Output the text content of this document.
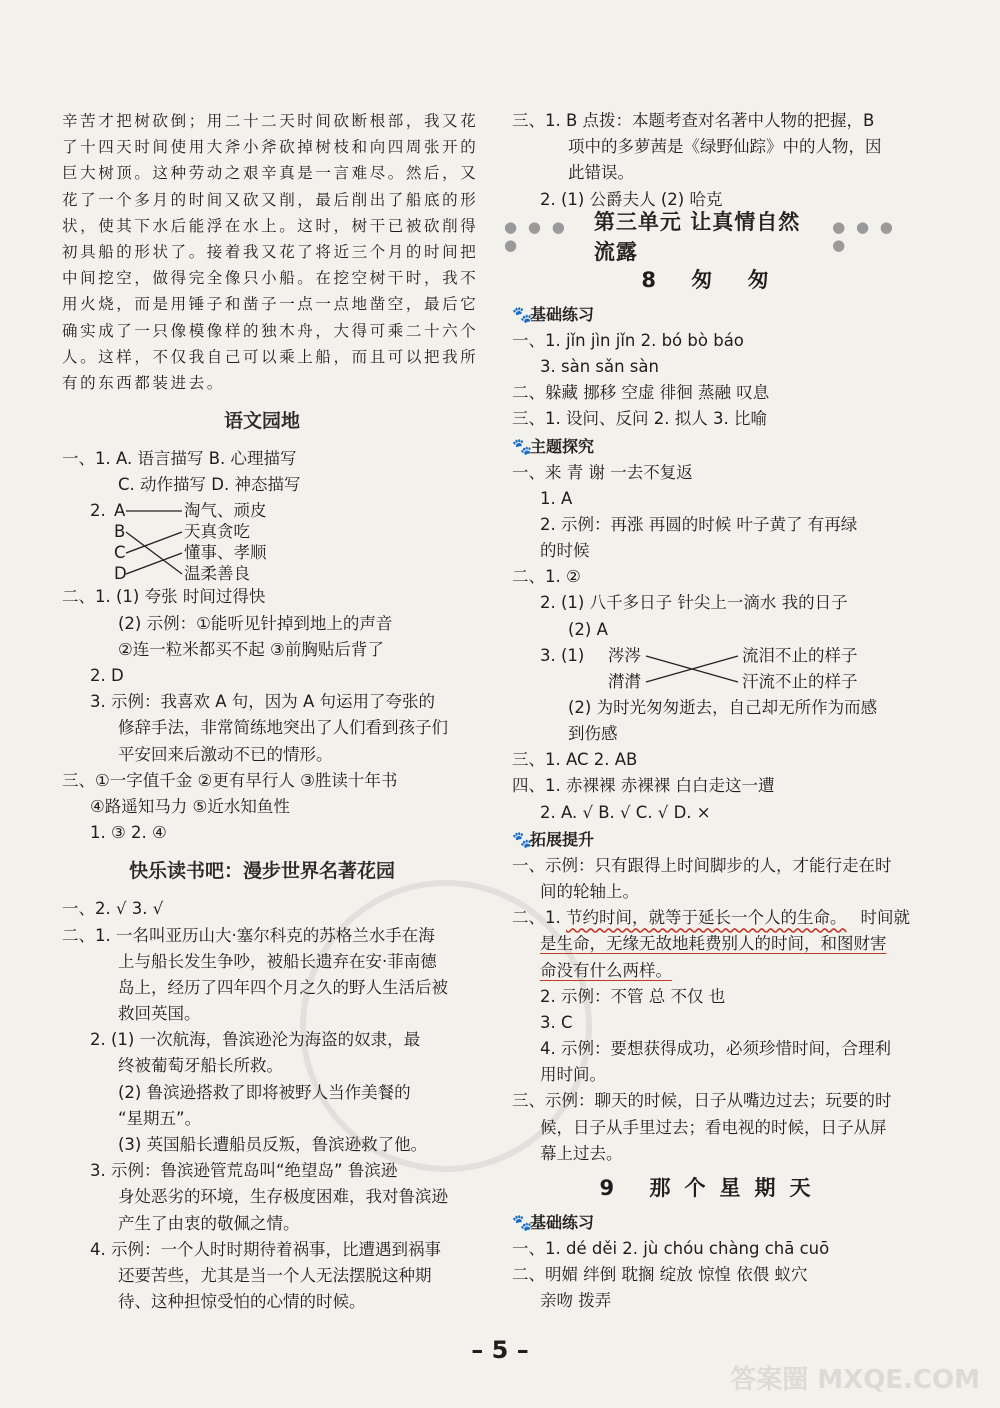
答案圈 MXQE.COM
辛苦才把树砍倒；用二十二天时间砍断根部，我又花
了十四天时间使用大斧小斧砍掉树枝和向四周张开的
巨大树顶。这种劳动之艰辛真是一言难尽。然后，又
花了一个多月的时间又砍又削，最后削出了船底的形
状，使其下水后能浮在水上。这时，树干已被砍削得
初具船的形状了。接着我又花了将近三个月的时间把
中间挖空，做得完全像只小船。在挖空树干时，我不
用火烧，而是用锤子和凿子一点一点地凿空，最后它
确实成了一只像模像样的独木舟，大得可乘二十六个
人。这样，不仅我自己可以乘上船，而且可以把我所
有的东西都装进去。
语文园地
一、1. A. 语言描写 B. 心理描写
C. 动作描写 D. 神态描写
2. A
B
C
D
淘气、顽皮
天真贪吃
懂事、孝顺
温柔善良
二、1. (1) 夸张 时间过得快
(2) 示例：①能听见针掉到地上的声音
②连一粒米都买不起 ③前胸贴后背了
2. D
3. 示例：我喜欢 A 句，因为 A 句运用了夸张的
修辞手法，非常简练地突出了人们看到孩子们
平安回来后激动不已的情形。
三、①一字值千金 ②更有早行人 ③胜读十年书
④路遥知马力 ⑤近水知鱼性
1. ③ 2. ④
快乐读书吧：漫步世界名著花园
一、2. √ 3. √
二、1. 一名叫亚历山大·塞尔科克的苏格兰水手在海
上与船长发生争吵，被船长遗弃在安·菲南德
岛上，经历了四年四个月之久的野人生活后被
救回英国。
2. (1) 一次航海，鲁滨逊沦为海盗的奴隶，最
终被葡萄牙船长所救。
(2) 鲁滨逊搭救了即将被野人当作美餐的
“星期五”。
(3) 英国船长遭船员反叛，鲁滨逊救了他。
3. 示例：鲁滨逊管荒岛叫“绝望岛” 鲁滨逊
身处恶劣的环境，生存极度困难，我对鲁滨逊
产生了由衷的敬佩之情。
4. 示例：一个人时时期待着祸事，比遭遇到祸事
还要苦些，尤其是当一个人无法摆脱这种期
待、这种担惊受怕的心情的时候。
三、1. B 点拨：本题考查对名著中人物的把握，B
项中的多萝茜是《绿野仙踪》中的人物，因
此错误。
2. (1) 公爵夫人 (2) 哈克
● ● ● ●
第三单元 让真情自然流露
● ● ● ●
8 匆 匆
🐾基础练习
一、1. jǐn jìn jǐn 2. bó bò báo
3. sàn sǎn sàn
二、躲藏 挪移 空虚 徘徊 蒸融 叹息
三、1. 设问、反问 2. 拟人 3. 比喻
🐾主题探究
一、来 青 谢 一去不复返
1. A
2. 示例：再涨 再圆的时候 叶子黄了 有再绿
的时候
二、1. ②
2. (1) 八千多日子 针尖上一滴水 我的日子
(2) A
3. (1) 涔涔
潸潸
流泪不止的样子
汗流不止的样子
(2) 为时光匆匆逝去，自己却无所作为而感
到伤感
三、1. AC 2. AB
四、1. 赤裸裸 赤裸裸 白白走这一遭
2. A. √ B. √ C. √ D. ×
🐾拓展提升
一、示例：只有跟得上时间脚步的人，才能行走在时
间的轮轴上。
二、1. 节约时间，就等于延长一个人的生命。 时间就
是生命，无缘无故地耗费别人的时间，和图财害
命没有什么两样。
2. 示例：不管 总 不仅 也
3. C
4. 示例：要想获得成功，必须珍惜时间，合理利
用时间。
三、示例：聊天的时候，日子从嘴边过去；玩要的时
候，日子从手里过去；看电视的时候，日子从屏
幕上过去。
9 那个星期天
🐾基础练习
一、1. dé děi 2. jù chóu chàng chā cuō
二、明媚 绊倒 耽搁 绽放 惊惶 依偎 蚁穴
亲吻 拨弄
– 5 –
